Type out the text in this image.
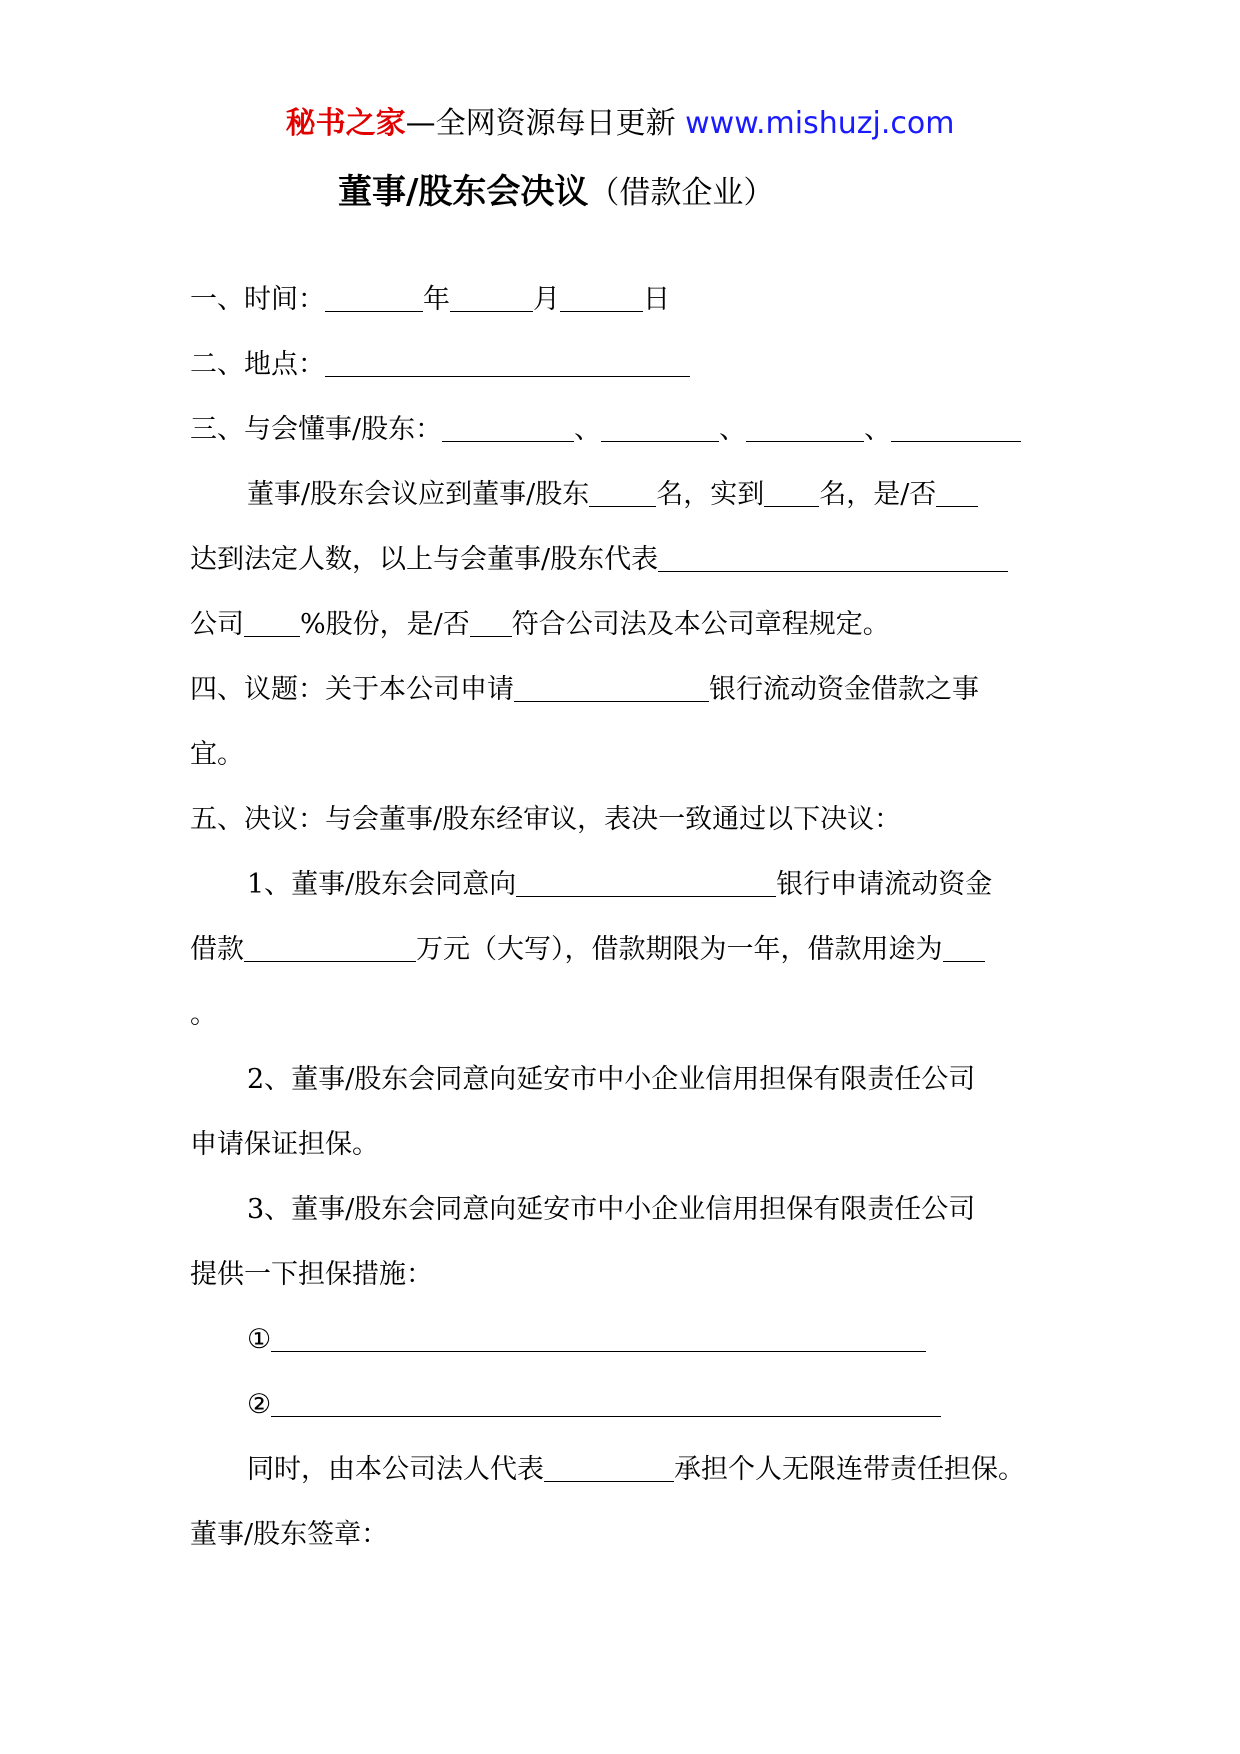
秘书之家—全网资源每日更新 www.mishuzj.com
董事/股东会决议（借款企业）
一、时间：	年	月	日
二、地点：
三、与会懂事/股东：	、	、	、
董事/股东会议应到董事/股东 名，实到 名，是/否
达到法定人数，以上与会董事/股东代表
公司 %股份，是/否 符合公司法及本公司章程规定。
四、议题：关于本公司申请	银行流动资金借款之事
宜。
五、决议：与会董事/股东经审议，表决一致通过以下决议：
1、董事/股东会同意向	银行申请流动资金
借款	万元（大写），借款期限为一年，借款用途为
。
2、董事/股东会同意向延安市中小企业信用担保有限责任公司
申请保证担保。
3、董事/股东会同意向延安市中小企业信用担保有限责任公司
提供一下担保措施：
①
②
同时，由本公司法人代表	承担个人无限连带责任担保。
董事/股东签章：
